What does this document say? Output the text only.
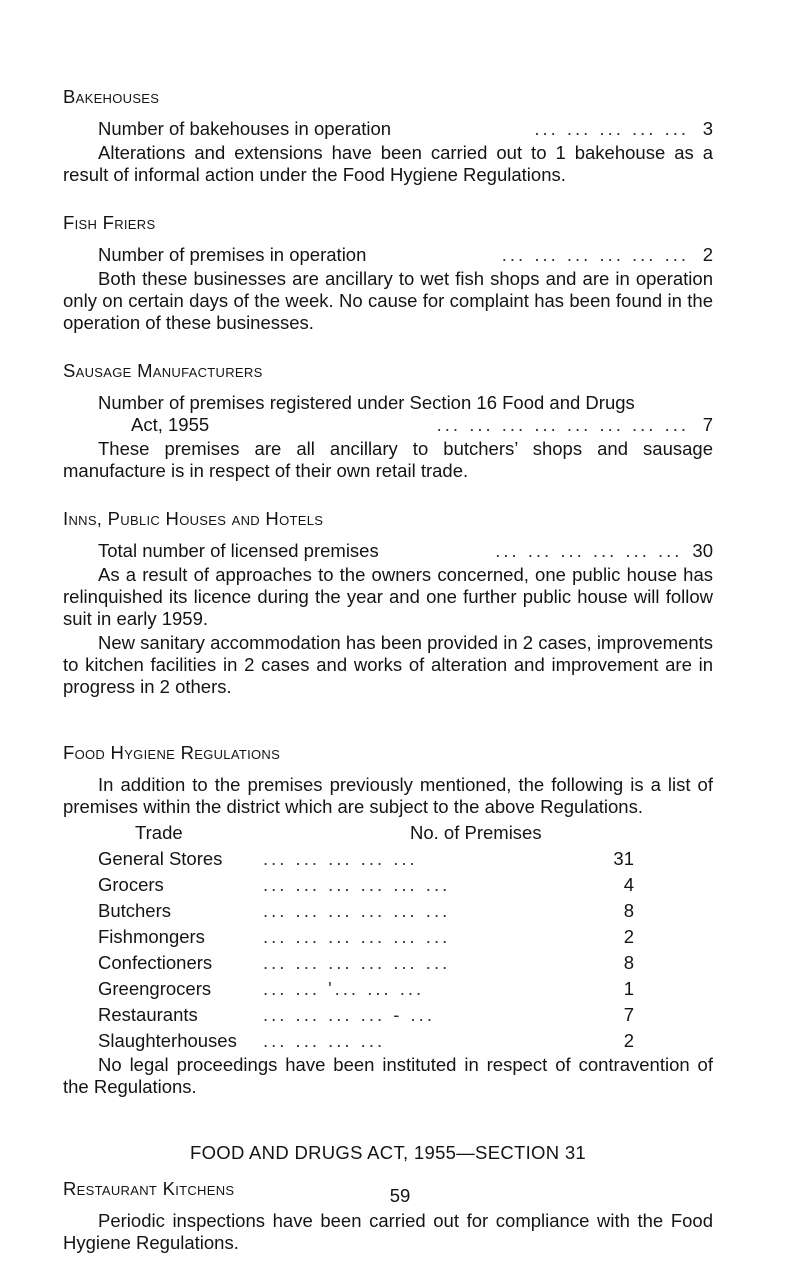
Bakehouses
Number of bakehouses in operation	... ... ... ... ... 3

Alterations and extensions have been carried out to 1 bakehouse as a result of informal action under the Food Hygiene Regulations.

Fish Friers
Number of premises in operation	... ... ... ... ... ... 2

Both these businesses are ancillary to wet fish shops and are in operation only on certain days of the week. No cause for complaint has been found in the operation of these businesses.

Sausage Manufacturers
Number of premises registered under Section 16 Food and Drugs
Act, 1955	... ... ... ... ... ... ... ... 7

These premises are all ancillary to butchers’ shops and sausage manufacture is in respect of their own retail trade.

Inns, Public Houses and Hotels
Total number of licensed premises	... ... ... ... ... ... 30

As a result of approaches to the owners concerned, one public house has relinquished its licence during the year and one further public house will follow suit in early 1959.

New sanitary accommodation has been provided in 2 cases, improvements to kitchen facilities in 2 cases and works of alteration and improvement are in progress in 2 others.

Food Hygiene Regulations

In addition to the premises previously mentioned, the following is a list of premises within the district which are subject to the above Regulations.

Trade	No. of Premises
General Stores	... ... ... ... ...	31
Grocers	... ... ... ... ... ...	4
Butchers	... ... ... ... ... ...	8
Fishmongers	... ... ... ... ... ...	2
Confectioners	... ... ... ... ... ...	8
Greengrocers	... ... '... ... ...	1
Restaurants	... ... ... ... - ...	7
Slaughterhouses	... ... ... ...	2

No legal proceedings have been instituted in respect of contravention of the Regulations.

FOOD AND DRUGS ACT, 1955—SECTION 31
Restaurant Kitchens

Periodic inspections have been carried out for compliance with the Food Hygiene Regulations.

59
